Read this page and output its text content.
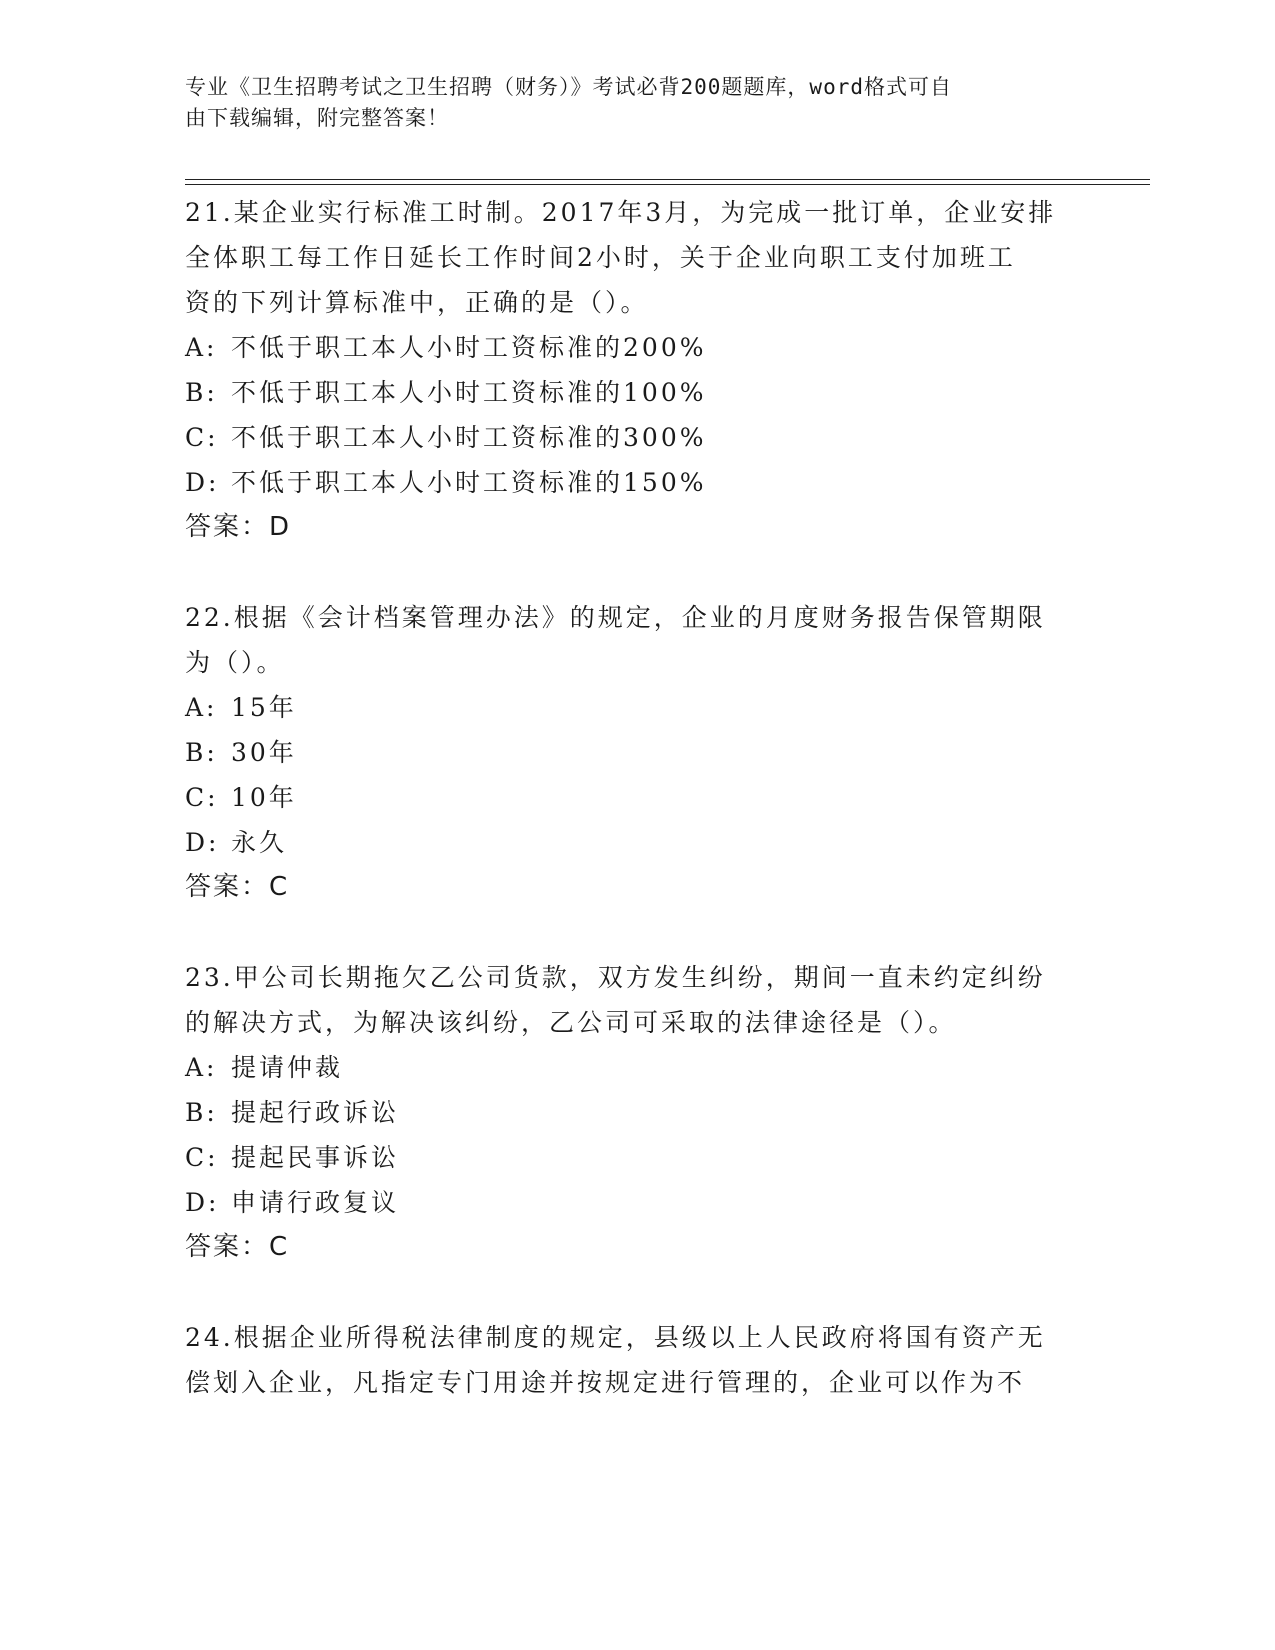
专业《卫生招聘考试之卫生招聘（财务）》考试必背200题题库，word格式可自
由下载编辑，附完整答案！

21.某企业实行标准工时制。2017年3月，为完成一批订单，企业安排

全体职工每工作日延长工作时间2小时，关于企业向职工支付加班工

资的下列计算标准中，正确的是（）。

A: 不低于职工本人小时工资标准的200%

B: 不低于职工本人小时工资标准的100%

C: 不低于职工本人小时工资标准的300%

D: 不低于职工本人小时工资标准的150%

答案：D

22.根据《会计档案管理办法》的规定，企业的月度财务报告保管期限

为（）。

A: 15年

B: 30年

C: 10年

D: 永久

答案：C

23.甲公司长期拖欠乙公司货款，双方发生纠纷，期间一直未约定纠纷

的解决方式，为解决该纠纷，乙公司可采取的法律途径是（）。

A: 提请仲裁

B: 提起行政诉讼

C: 提起民事诉讼

D: 申请行政复议

答案：C

24.根据企业所得税法律制度的规定，县级以上人民政府将国有资产无

偿划入企业，凡指定专门用途并按规定进行管理的，企业可以作为不
